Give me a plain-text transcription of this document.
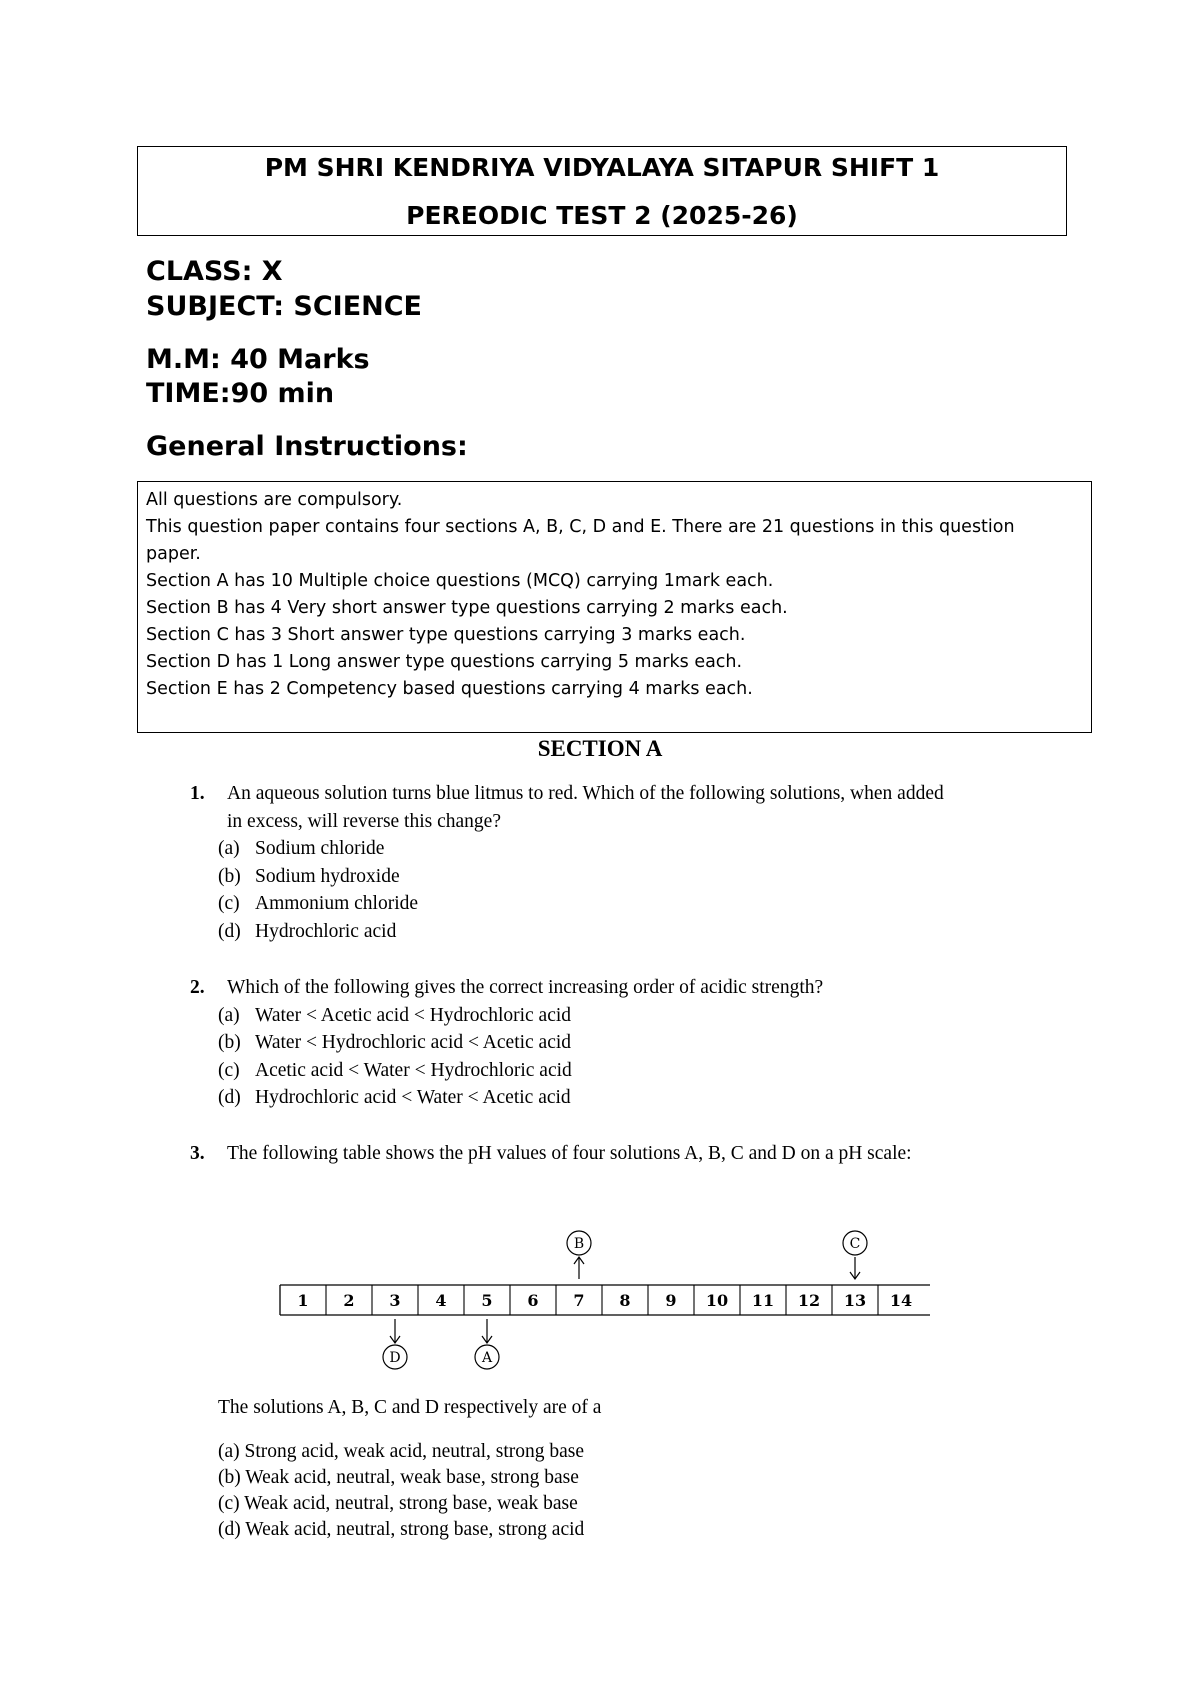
PM SHRI KENDRIYA VIDYALAYA SITAPUR SHIFT 1
PEREODIC TEST 2 (2025-26)
CLASS: X
SUBJECT: SCIENCE
M.M: 40 Marks
TIME:90 min
General Instructions:
All questions are compulsory.
This question paper contains four sections A, B, C, D and E. There are 21 questions in this question
paper.
Section A has 10 Multiple choice questions (MCQ) carrying 1mark each.
Section B has 4 Very short answer type questions carrying 2 marks each.
Section C has 3 Short answer type questions carrying 3 marks each.
Section D has 1 Long answer type questions carrying 5 marks each.
Section E has 2 Competency based questions carrying 4 marks each.
SECTION A
1. An aqueous solution turns blue litmus to red. Which of the following solutions, when added
in excess, will reverse this change?
(a) Sodium chloride
(b) Sodium hydroxide
(c) Ammonium chloride
(d) Hydrochloric acid
2. Which of the following gives the correct increasing order of acidic strength?
(a) Water < Acetic acid < Hydrochloric acid
(b) Water < Hydrochloric acid < Acetic acid
(c) Acetic acid < Water < Hydrochloric acid
(d) Hydrochloric acid < Water < Acetic acid
3. The following table shows the pH values of four solutions A, B, C and D on a pH scale:
1 2 3 4 5 6 7 8 9 10 11 12 13 14
B	C
D	A
The solutions A, B, C and D respectively are of a
(a) Strong acid, weak acid, neutral, strong base
(b) Weak acid, neutral, weak base, strong base
(c) Weak acid, neutral, strong base, weak base
(d) Weak acid, neutral, strong base, strong acid
